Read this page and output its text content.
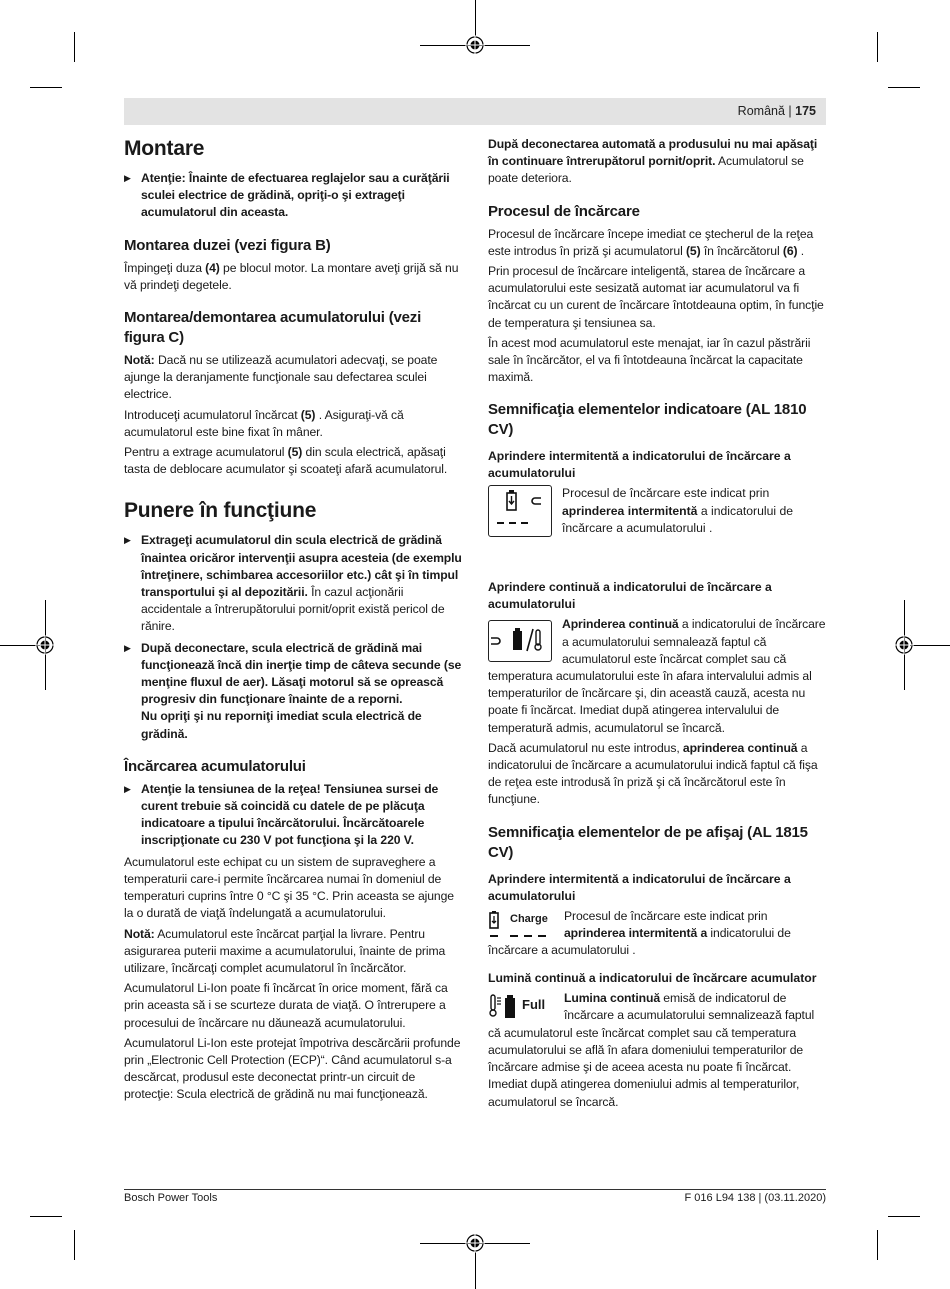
Română | 175
Montare
▶ Atenţie: Înainte de efectuarea reglajelor sau a curăţării sculei electrice de grădină, opriţi-o şi extrageţi acumulatorul din aceasta.
Montarea duzei (vezi figura B)

Împingeţi duza (4) pe blocul motor. La montare aveţi grijă să nu vă prindeţi degetele.

Montarea/demontarea acumulatorului (vezi figura C)

Notă: Dacă nu se utilizează acumulatori adecvaţi, se poate ajunge la deranjamente funcţionale sau defectarea sculei electrice.

Introduceţi acumulatorul încărcat (5) . Asiguraţi-vă că acumulatorul este bine fixat în mâner.

Pentru a extrage acumulatorul (5) din scula electrică, apăsaţi tasta de deblocare acumulator şi scoateţi afară acumulatorul.

Punere în funcţiune
▶ Extrageţi acumulatorul din scula electrică de grădină înaintea oricăror intervenţii asupra acesteia (de exemplu întreţinere, schimbarea accesoriilor etc.) cât şi în timpul transportului şi al depozitării. În cazul acţionării accidentale a întrerupătorului pornit/oprit există pericol de rănire.
▶ După deconectare, scula electrică de grădină mai funcţionează încă din inerţie timp de câteva secunde (se menţine fluxul de aer). Lăsaţi motorul să se oprească progresiv din funcţionare înainte de a reporni.
Nu opriţi şi nu reporniţi imediat scula electrică de grădină.
Încărcarea acumulatorului
▶ Atenţie la tensiunea de la reţea! Tensiunea sursei de curent trebuie să coincidă cu datele de pe plăcuţa indicatoare a tipului încărcătorului. Încărcătoarele inscripţionate cu 230 V pot funcţiona şi la 220 V.

Acumulatorul este echipat cu un sistem de supraveghere a temperaturii care-i permite încărcarea numai în domeniul de temperaturi cuprins între 0 °C şi 35 °C. Prin aceasta se ajunge la o durată de viaţă îndelungată a acumulatorului.

Notă: Acumulatorul este încărcat parţial la livrare. Pentru asigurarea puterii maxime a acumulatorului, înainte de prima utilizare, încărcaţi complet acumulatorul în încărcător.

Acumulatorul Li-Ion poate fi încărcat în orice moment, fără ca prin aceasta să i se scurteze durata de viaţă. O întrerupere a procesului de încărcare nu dăunează acumulatorului.

Acumulatorul Li-Ion este protejat împotriva descărcării profunde prin „Electronic Cell Protection (ECP)“. Când acumulatorul s-a descărcat, produsul este deconectat printr-un circuit de protecţie: Scula electrică de grădină nu mai funcţionează.

După deconectarea automată a produsului nu mai apăsaţi în continuare întrerupătorul pornit/oprit. Acumulatorul se poate deteriora.

Procesul de încărcare

Procesul de încărcare începe imediat ce ştecherul de la reţea este introdus în priză şi acumulatorul (5) în încărcătorul (6) .

Prin procesul de încărcare inteligentă, starea de încărcare a acumulatorului este sesizată automat iar acumulatorul va fi încărcat cu un curent de încărcare întotdeauna optim, în funcţie de temperatura şi tensiunea sa.

În acest mod acumulatorul este menajat, iar în cazul păstrării sale în încărcător, el va fi întotdeauna încărcat la capacitate maximă.

Semnificaţia elementelor indicatoare (AL 1810 CV)
Aprindere intermitentă a indicatorului de încărcare a acumulatorului
Procesul de încărcare este indicat prin aprinderea intermitentă a indicatorului de încărcare a acumulatorului .
Aprindere continuă a indicatorului de încărcare a acumulatorului

Aprinderea continuă a indicatorului de încărcare a acumulatorului semnalează faptul că acumulatorul este încărcat complet sau că temperatura acumulatorului este în afara intervalului admis al temperaturilor de încărcare şi, din această cauză, acesta nu poate fi încărcat. Imediat după atingerea intervalului de temperatură admis, acumulatorul se încarcă.

Dacă acumulatorul nu este introdus, aprinderea continuă a indicatorului de încărcare a acumulatorului indică faptul că fişa de reţea este introdusă în priză şi că încărcătorul este în funcţiune.

Semnificaţia elementelor de pe afişaj (AL 1815 CV)
Aprindere intermitentă a indicatorului de încărcare a acumulatorului
Charge	Procesul de încărcare este indicat prin aprinderea intermitentă a indicatorului de încărcare a acumulatorului .

Lumină continuă a indicatorului de încărcare acumulator
Full	Lumina continuă emisă de indicatorul de încărcare a acumulatorului semnalizează faptul că acumulatorul este încărcat complet sau că temperatura acumulatorului se află în afara domeniului temperaturilor de încărcare admise şi de aceea acesta nu poate fi încărcat. Imediat după atingerea domeniului admis al temperaturilor, acumulatorul se încarcă.

Bosch Power Tools	F 016 L94 138 | (03.11.2020)
